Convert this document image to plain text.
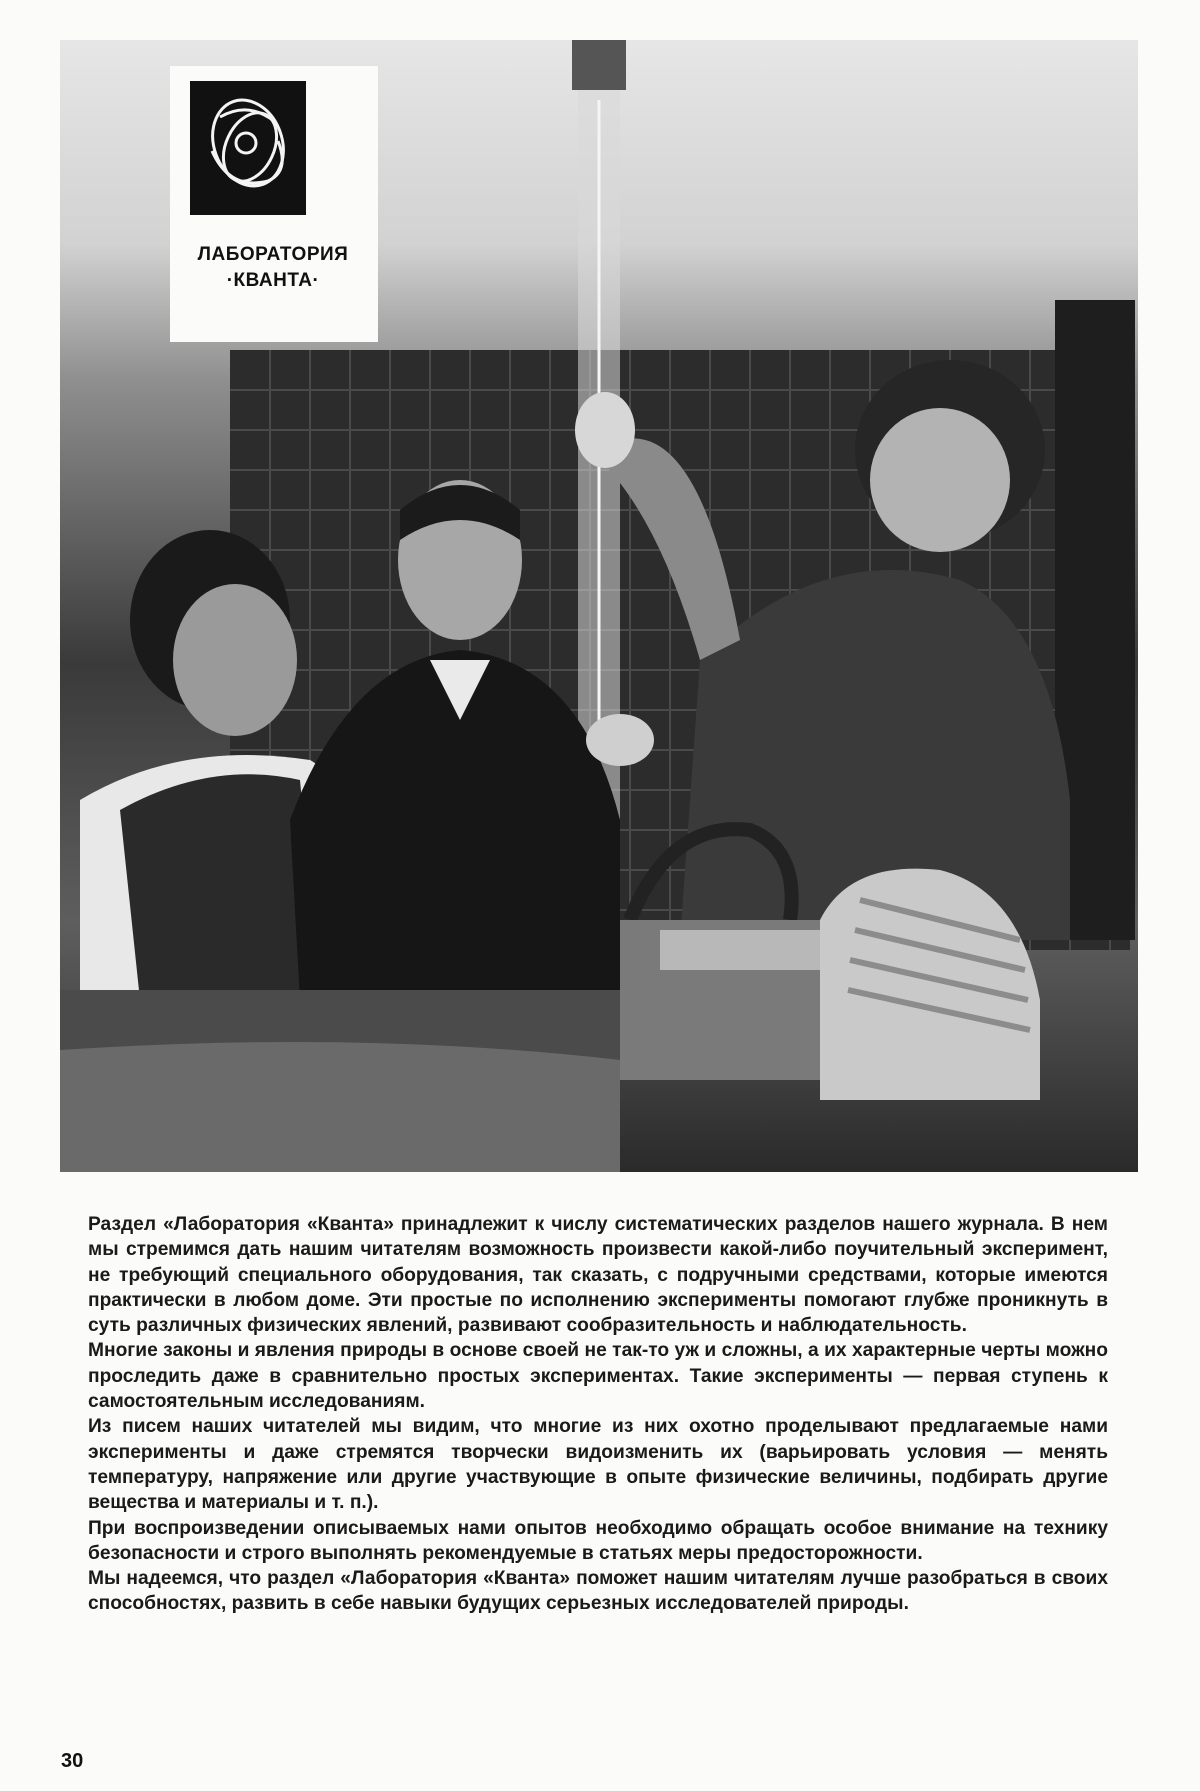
ЛАБОРАТОРИЯ
·КВАНТА·

Раздел «Лаборатория «Кванта» принадлежит к числу систематических разделов нашего журнала. В нем мы стремимся дать нашим читателям возможность произвести какой-либо поучительный эксперимент, не требующий специального оборудования, так сказать, с подручными средствами, которые имеются практически в любом доме. Эти простые по исполнению эксперименты помогают глубже проникнуть в суть различных физических явлений, развивают сообразительность и наблюдательность.

Многие законы и явления природы в основе своей не так-то уж и сложны, а их характерные черты можно проследить даже в сравнительно простых экспериментах. Такие эксперименты — первая ступень к самостоятельным исследованиям.

Из писем наших читателей мы видим, что многие из них охотно проделывают предлагаемые нами эксперименты и даже стремятся творчески видоизменить их (варьировать условия — менять температуру, напряжение или другие участвующие в опыте физические величины, подбирать другие вещества и материалы и т. п.).

При воспроизведении описываемых нами опытов необходимо обращать особое внимание на технику безопасности и строго выполнять рекомендуемые в статьях меры предосторожности.

Мы надеемся, что раздел «Лаборатория «Кванта» поможет нашим читателям лучше разобраться в своих способностях, развить в себе навыки будущих серьезных исследователей природы.

30
